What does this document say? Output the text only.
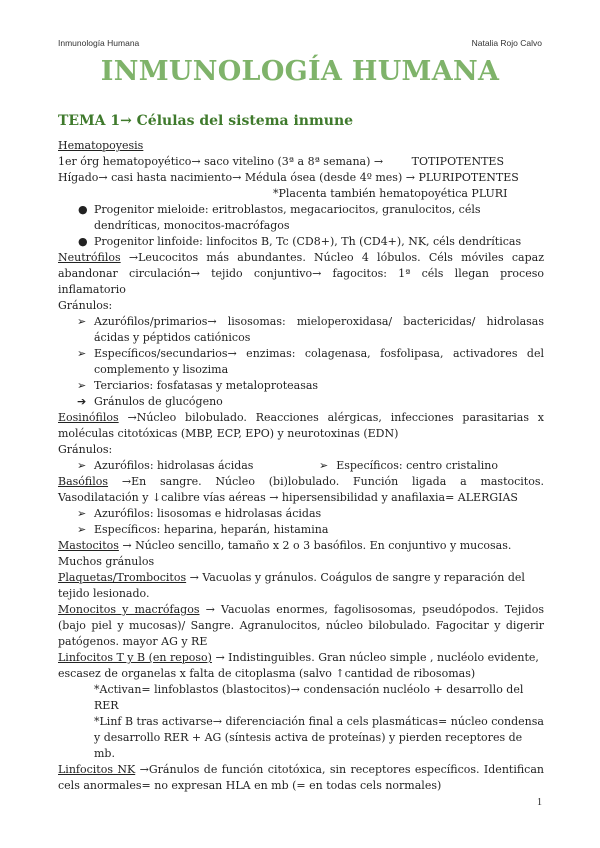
Inmunología Humana	Natalia Rojo Calvo
INMUNOLOGÍA HUMANA

TEMA 1→ Células del sistema inmune

Hematopoyesis

1er órg hematopoyético→ saco vitelino (3ª a 8ª semana) →	TOTIPOTENTES

Hígado→ casi hasta nacimiento→ Médula ósea (desde 4º mes) → PLURIPOTENTES

*Placenta también hematopoyética PLURI

● Progenitor mieloide: eritroblastos, megacariocitos, granulocitos, céls dendríticas, monocitos-macrófagos

● Progenitor linfoide: linfocitos B, Tc (CD8+), Th (CD4+), NK, céls dendríticas

Neutrófilos →Leucocitos más abundantes. Núcleo 4 lóbulos. Céls móviles capaz abandonar circulación→ tejido conjuntivo→ fagocitos: 1ª céls llegan proceso inflamatorio

Gránulos:

➢ Azurófilos/primarios→ lisosomas: mieloperoxidasa/ bactericidas/ hidrolasas ácidas y péptidos catiónicos

➢ Específicos/secundarios→ enzimas: colagenasa, fosfolipasa, activadores del complemento y lisozima

➢ Terciarios: fosfatasas y metaloproteasas

➔ Gránulos de glucógeno

Eosinófilos →Núcleo bilobulado. Reacciones alérgicas, infecciones parasitarias x moléculas citotóxicas (MBP, ECP, EPO) y neurotoxinas (EDN)

Gránulos:

➢ Azurófilos: hidrolasas ácidas	➢ Específicos: centro cristalino

Basófilos →En sangre. Núcleo (bi)lobulado. Función ligada a mastocitos. Vasodilatación y ↓calibre vías aéreas → hipersensibilidad y anafilaxia= ALERGIAS

➢ Azurófilos: lisosomas e hidrolasas ácidas

➢ Específicos: heparina, heparán, histamina

Mastocitos → Núcleo sencillo, tamaño x 2 o 3 basófilos. En conjuntivo y mucosas. Muchos gránulos

Plaquetas/Trombocitos → Vacuolas y gránulos. Coágulos de sangre y reparación del tejido lesionado.

Monocitos y macrófagos → Vacuolas enormes, fagolisosomas, pseudópodos. Tejidos (bajo piel y mucosas)/ Sangre. Agranulocitos, núcleo bilobulado. Fagocitar y digerir patógenos. mayor AG y RE

Linfocitos T y B (en reposo) → Indistinguibles. Gran núcleo simple , nucléolo evidente, escasez de organelas x falta de citoplasma (salvo ↑cantidad de ribosomas)

*Activan= linfoblastos (blastocitos)→ condensación nucléolo + desarrollo del RER

*Linf B tras activarse→ diferenciación final a cels plasmáticas= núcleo condensa y desarrollo RER + AG (síntesis activa de proteínas) y pierden receptores de mb.

Linfocitos NK →Gránulos de función citotóxica, sin receptores específicos. Identifican cels anormales= no expresan HLA en mb (= en todas cels normales)

1
